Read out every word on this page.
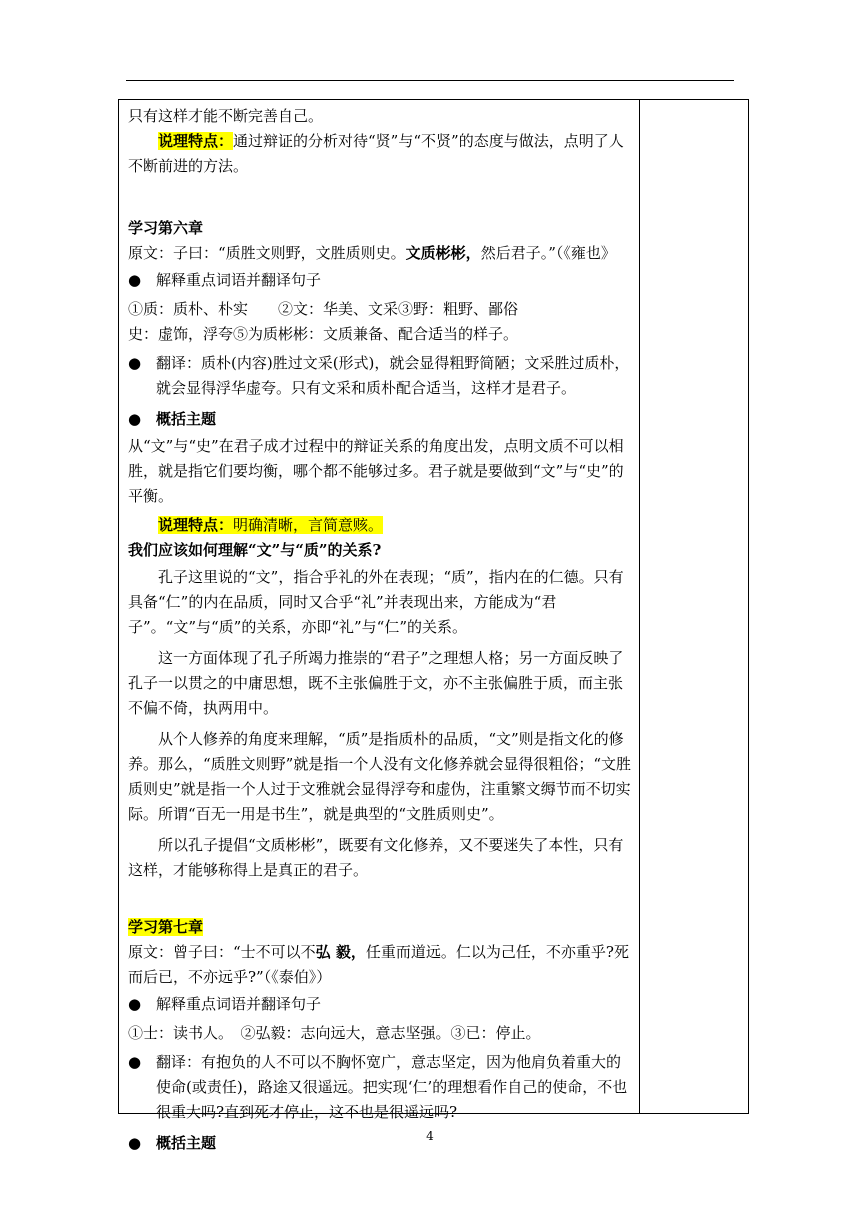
只有这样才能不断完善自己。

说理特点：通过辩证的分析对待“贤”与“不贤”的态度与做法，点明了人不断前进的方法。

学习第六章

原文：子曰：“质胜文则野，文胜质则史。文质彬彬，然后君子。”（《雍也》

● 解释重点词语并翻译句子

①质：质朴、朴实　　②文：华美、文采③野：粗野、鄙俗

史：虚饰，浮夸⑤为质彬彬：文质兼备、配合适当的样子。

● 翻译：质朴(内容)胜过文采(形式)，就会显得粗野简陋；文采胜过质朴，就会显得浮华虚夸。只有文采和质朴配合适当，这样才是君子。

● 概括主题

从“文”与“史”在君子成才过程中的辩证关系的角度出发，点明文质不可以相胜，就是指它们要均衡，哪个都不能够过多。君子就是要做到“文”与“史”的平衡。

说理特点：明确清晰，言简意赅。

我们应该如何理解“文”与“质”的关系?

孔子这里说的“文”，指合乎礼的外在表现；“质”，指内在的仁德。只有具备“仁”的内在品质，同时又合乎“礼”并表现出来，方能成为“君子”。“文”与“质”的关系，亦即“礼”与“仁”的关系。

这一方面体现了孔子所竭力推崇的“君子”之理想人格；另一方面反映了孔子一以贯之的中庸思想，既不主张偏胜于文，亦不主张偏胜于质，而主张不偏不倚，执两用中。

从个人修养的角度来理解，“质”是指质朴的品质，“文”则是指文化的修养。那么，“质胜文则野”就是指一个人没有文化修养就会显得很粗俗；“文胜质则史”就是指一个人过于文雅就会显得浮夸和虚伪，注重繁文缛节而不切实际。所谓“百无一用是书生”，就是典型的“文胜质则史”。

所以孔子提倡“文质彬彬”，既要有文化修养，又不要迷失了本性，只有这样，才能够称得上是真正的君子。

学习第七章

原文：曾子曰：“士不可以不弘 毅，任重而道远。仁以为己任，不亦重乎?死而后已，不亦远乎?”（《泰伯》）

● 解释重点词语并翻译句子

①士：读书人。　②弘毅：志向远大，意志坚强。③已：停止。

● 翻译：有抱负的人不可以不胸怀宽广，意志坚定，因为他肩负着重大的使命(或责任)，路途又很遥远。把实现‘仁’的理想看作自己的使命，不也很重大吗?直到死才停止，这不也是很遥远吗?

● 概括主题	4
